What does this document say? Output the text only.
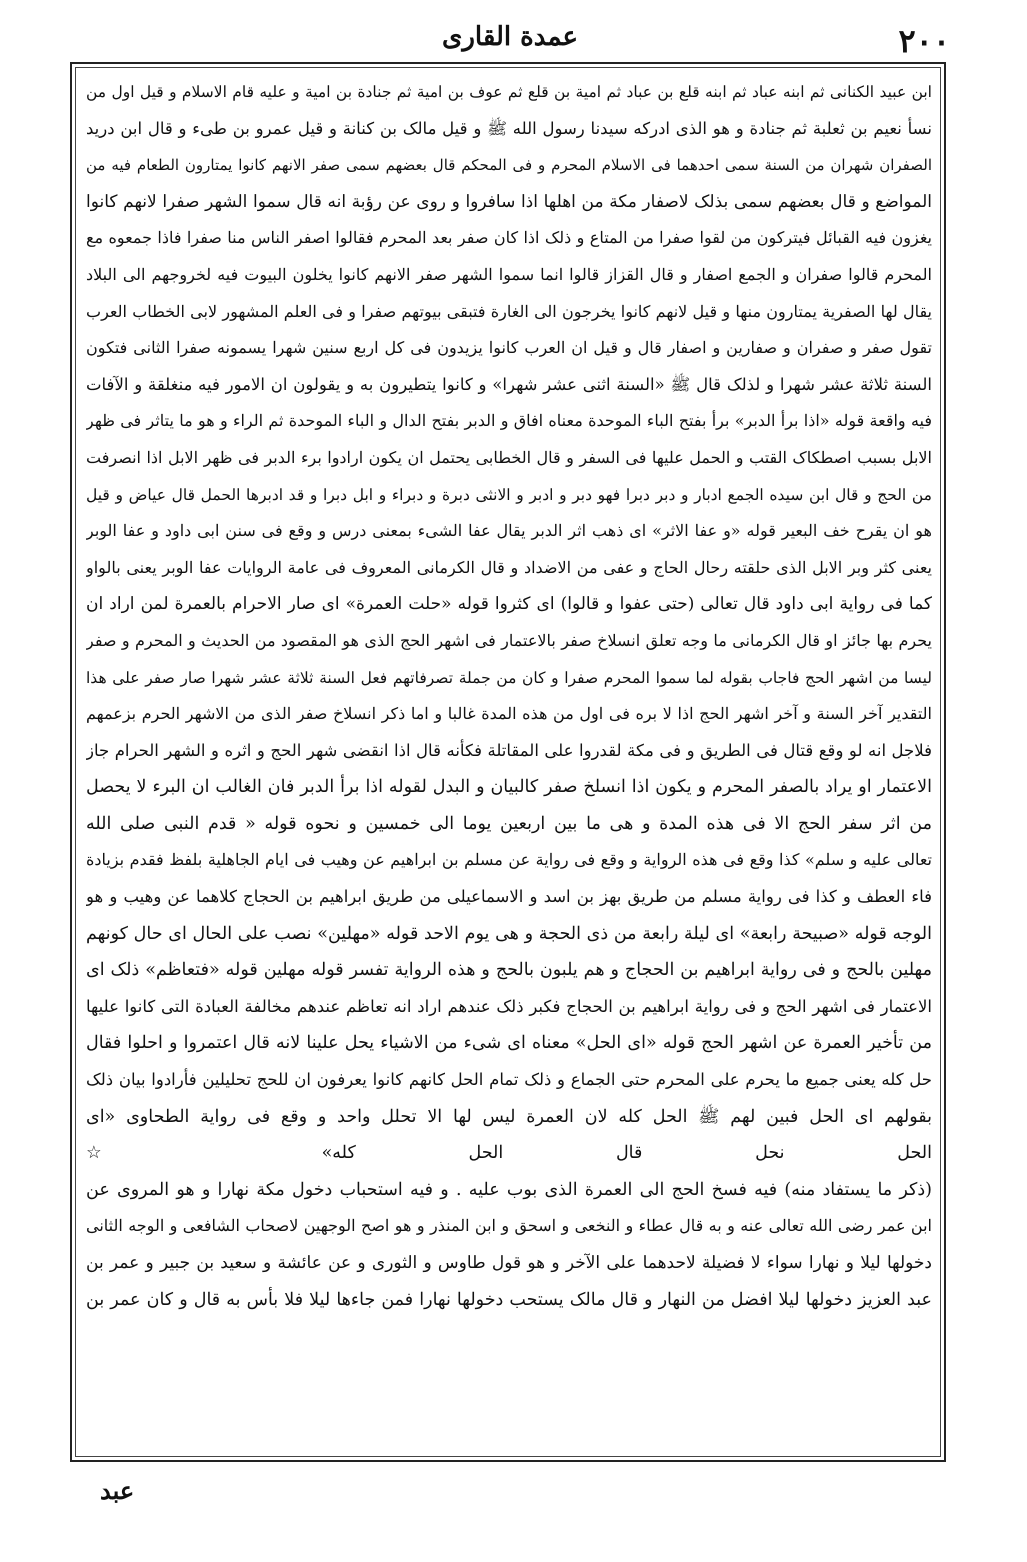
٢٠٠
عمدة القاری
ابن عبید الکنانی ثم ابنه عباد ثم ابنه قلع بن عباد ثم امیة بن قلع ثم عوف بن امیة ثم جنادة بن امیة و علیه قام الاسلام و قیل اول من
نسأ نعیم بن ثعلبة ثم جنادة و هو الذی ادرکه سیدنا رسول الله ﷺ و قیل مالک بن کنانة و قیل عمرو بن طیء و قال ابن درید
الصفران شهران من السنة سمی احدهما فی الاسلام المحرم و فی المحکم قال بعضهم سمی صفر الانهم کانوا یمتارون الطعام فیه من
المواضع و قال بعضهم سمی بذلک لاصفار مکة من اهلها اذا سافروا و روی عن رؤبة انه قال سموا الشهر صفرا لانهم کانوا
یغزون فیه القبائل فیترکون من لقوا صفرا من المتاع و ذلک اذا کان صفر بعد المحرم فقالوا اصفر الناس منا صفرا فاذا جمعوه مع
المحرم قالوا صفران و الجمع اصفار و قال القزاز قالوا انما سموا الشهر صفر الانهم کانوا یخلون البیوت فیه لخروجهم الی البلاد
یقال لها الصفریة یمتارون منها و قیل لانهم کانوا یخرجون الی الغارة فتبقی بیوتهم صفرا و فی العلم المشهور لابی الخطاب العرب
تقول صفر و صفران و صفارین و اصفار قال و قیل ان العرب کانوا یزیدون فی کل اربع سنین شهرا یسمونه صفرا الثانی فتکون
السنة ثلاثة عشر شهرا و لذلک قال ﷺ «السنة اثنی عشر شهرا» و کانوا یتطیرون به و یقولون ان الامور فیه منغلقة و الآفات
فیه واقعة قوله «اذا برأ الدبر» برأ بفتح الباء الموحدة معناه افاق و الدبر بفتح الدال و الباء الموحدة ثم الراء و هو ما یتاثر فی ظهر
الابل بسبب اصطکاک القتب و الحمل علیها فی السفر و قال الخطابی یحتمل ان یکون ارادوا برء الدبر فی ظهر الابل اذا انصرفت
من الحج و قال ابن سیده الجمع ادبار و دبر دبرا فهو دبر و ادبر و الانثی دبرة و دبراء و ابل دبرا و قد ادبرها الحمل قال عیاض و قیل
هو ان یقرح خف البعیر قوله «و عفا الاثر» ای ذهب اثر الدبر یقال عفا الشیء بمعنی درس و وقع فی سنن ابی داود و عفا الوبر
یعنی کثر وبر الابل الذی حلقته رحال الحاج و عفی من الاضداد و قال الکرمانی المعروف فی عامة الروایات عفا الوبر یعنی بالواو
کما فی روایة ابی داود قال تعالی (حتی عفوا و قالوا) ای کثروا قوله «حلت العمرة» ای صار الاحرام بالعمرة لمن اراد ان
یحرم بها جائز او قال الکرمانی ما وجه تعلق انسلاخ صفر بالاعتمار فی اشهر الحج الذی هو المقصود من الحدیث و المحرم و صفر
لیسا من اشهر الحج فاجاب بقوله لما سموا المحرم صفرا و کان من جملة تصرفاتهم فعل السنة ثلاثة عشر شهرا صار صفر علی هذا
التقدیر آخر السنة و آخر اشهر الحج اذا لا بره فی اول من هذه المدة غالبا و اما ذکر انسلاخ صفر الذی من الاشهر الحرم بزعمهم
فلاجل انه لو وقع قتال فی الطریق و فی مکة لقدروا علی المقاتلة فکأنه قال اذا انقضی شهر الحج و اثره و الشهر الحرام جاز
الاعتمار او یراد بالصفر المحرم و یکون اذا انسلخ صفر کالبیان و البدل لقوله اذا برأ الدبر فان الغالب ان البرء لا یحصل
من اثر سفر الحج الا فی هذه المدة و هی ما بین اربعین یوما الی خمسین و نحوه قوله « قدم النبی صلی الله
تعالی علیه و سلم» کذا وقع فی هذه الروایة و وقع فی روایة عن مسلم بن ابراهیم عن وهیب فی ایام الجاهلیة بلفظ فقدم بزیادة
فاء العطف و کذا فی روایة مسلم من طریق بهز بن اسد و الاسماعیلی من طریق ابراهیم بن الحجاج کلاهما عن وهیب و هو
الوجه قوله «صبیحة رابعة» ای لیلة رابعة من ذی الحجة و هی یوم الاحد قوله «مهلین» نصب علی الحال ای حال کونهم
مهلین بالحج و فی روایة ابراهیم بن الحجاج و هم یلبون بالحج و هذه الروایة تفسر قوله مهلین قوله «فتعاظم» ذلک ای
الاعتمار فی اشهر الحج و فی روایة ابراهیم بن الحجاج فکبر ذلک عندهم اراد انه تعاظم عندهم مخالفة العبادة التی کانوا علیها
من تأخیر العمرة عن اشهر الحج قوله «ای الحل» معناه ای شیء من الاشیاء یحل علینا لانه قال اعتمروا و احلوا فقال
حل کله یعنی جمیع ما یحرم علی المحرم حتی الجماع و ذلک تمام الحل کانهم کانوا یعرفون ان للحج تحلیلین فأرادوا بیان ذلک
بقولهم ای الحل فبین لهم ﷺ الحل کله لان العمرة لیس لها الا تحلل واحد و وقع فی روایة الطحاوی «ای
الحل نحل قال الحل کله» ☆
(ذکر ما یستفاد منه) فیه فسخ الحج الی العمرة الذی بوب علیه . و فیه استحباب دخول مکة نهارا و هو المروی عن
ابن عمر رضی الله تعالی عنه و به قال عطاء و النخعی و اسحق و ابن المنذر و هو اصح الوجهین لاصحاب الشافعی و الوجه الثانی
دخولها لیلا و نهارا سواء لا فضیلة لاحدهما علی الآخر و هو قول طاوس و الثوری و عن عائشة و سعید بن جبیر و عمر بن
عبد العزیز دخولها لیلا افضل من النهار و قال مالک یستحب دخولها نهارا فمن جاءها لیلا فلا بأس به قال و کان عمر بن
عبد
